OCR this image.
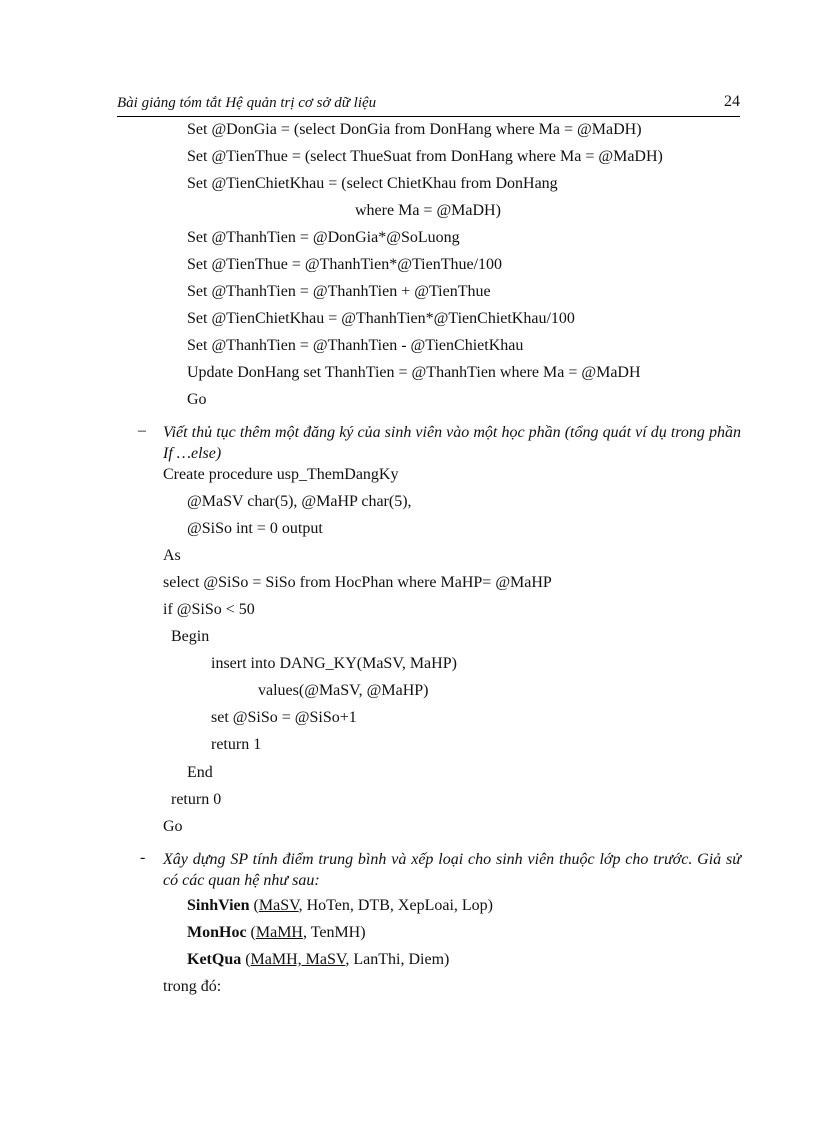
Bài giảng tóm tắt Hệ quản trị cơ sở dữ liệu	24
Set @DonGia = (select DonGia from DonHang where Ma = @MaDH)
Set @TienThue = (select ThueSuat from DonHang where Ma = @MaDH)
Set @TienChietKhau = (select ChietKhau from DonHang
where Ma = @MaDH)
Set @ThanhTien = @DonGia*@SoLuong
Set @TienThue = @ThanhTien*@TienThue/100
Set @ThanhTien = @ThanhTien + @TienThue
Set @TienChietKhau = @ThanhTien*@TienChietKhau/100
Set @ThanhTien = @ThanhTien - @TienChietKhau
Update DonHang set ThanhTien = @ThanhTien where Ma = @MaDH
Go
– Viết thủ tục thêm một đăng ký của sinh viên vào một học phần (tổng quát ví dụ trong phần If …else)
Create procedure usp_ThemDangKy
@MaSV char(5), @MaHP char(5),
@SiSo int = 0 output
As
select @SiSo = SiSo from HocPhan where MaHP= @MaHP
if @SiSo < 50
Begin
insert into DANG_KY(MaSV, MaHP)
values(@MaSV, @MaHP)
set @SiSo = @SiSo+1
return 1
End
return 0
Go
- Xây dựng SP tính điểm trung bình và xếp loại cho sinh viên thuộc lớp cho trước. Giả sử có các quan hệ như sau:
SinhVien (MaSV, HoTen, DTB, XepLoai, Lop)
MonHoc (MaMH, TenMH)
KetQua (MaMH, MaSV, LanThi, Diem)
trong đó:
